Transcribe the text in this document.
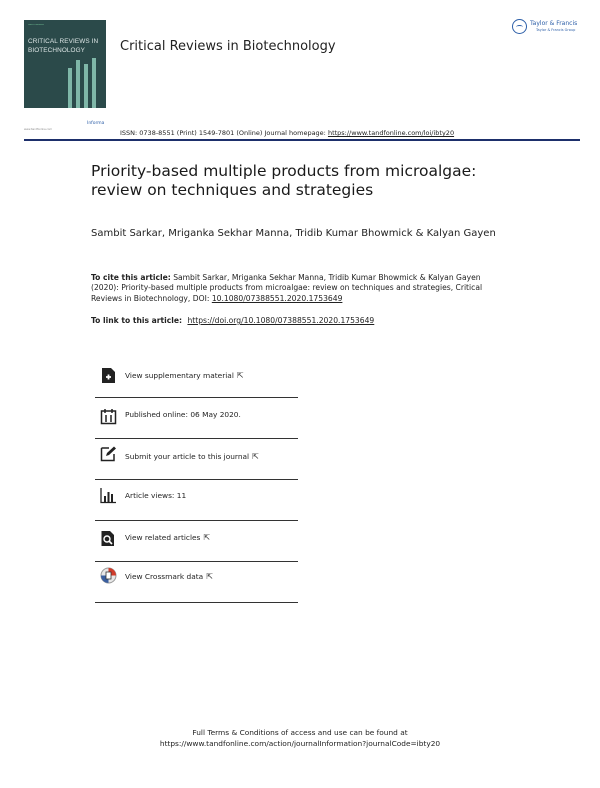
ISSN 0738-8551
CRITICAL REVIEWS IN BIOTECHNOLOGY	Critical Reviews in Biotechnology
Taylor & Francis
Taylor & Francis Group
www.tandfonline.com
Informa
ISSN: 0738-8551 (Print) 1549-7801 (Online) Journal homepage: https://www.tandfonline.com/loi/ibty20
Priority-based multiple products from microalgae: review on techniques and strategies
Sambit Sarkar, Mriganka Sekhar Manna, Tridib Kumar Bhowmick & Kalyan Gayen
To cite this article: Sambit Sarkar, Mriganka Sekhar Manna, Tridib Kumar Bhowmick & Kalyan Gayen (2020): Priority-based multiple products from microalgae: review on techniques and strategies, Critical Reviews in Biotechnology, DOI: 10.1080/07388551.2020.1753649
To link to this article: https://doi.org/10.1080/07388551.2020.1753649
View supplementary material ⇱
Published online: 06 May 2020.
Submit your article to this journal ⇱
Article views: 11
View related articles ⇱
View Crossmark data ⇱
Full Terms & Conditions of access and use can be found at
https://www.tandfonline.com/action/journalInformation?journalCode=ibty20
